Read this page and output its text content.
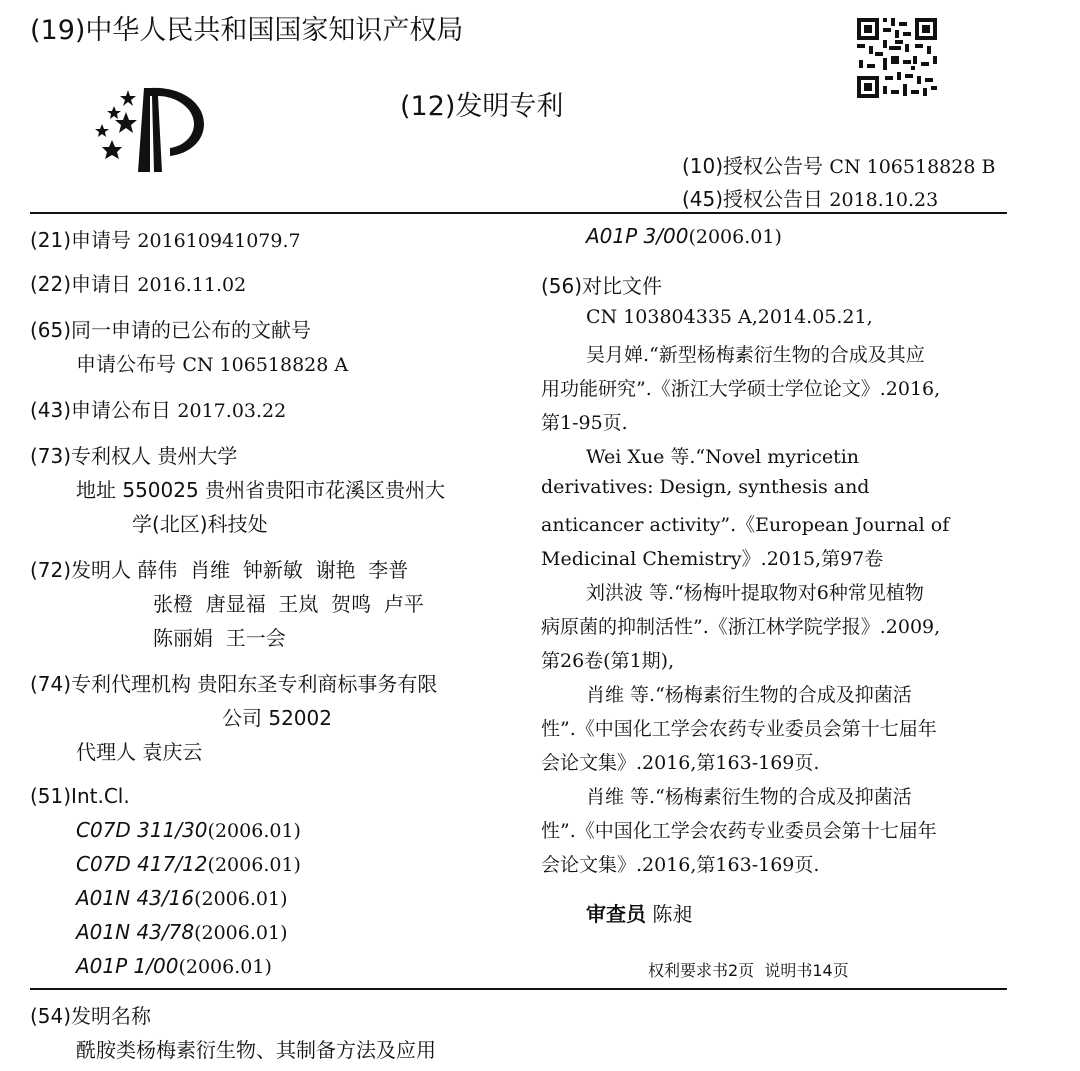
(19)中华人民共和国国家知识产权局
(12)发明专利
(10)授权公告号 CN 106518828 B
(45)授权公告日 2018.10.23
(21)申请号 201610941079.7
(22)申请日 2016.11.02
(65)同一申请的已公布的文献号
申请公布号 CN 106518828 A
(43)申请公布日 2017.03.22
(73)专利权人 贵州大学
地址 550025 贵州省贵阳市花溪区贵州大
学(北区)科技处
(72)发明人 薛伟  肖维  钟新敏  谢艳  李普
张橙  唐显福  王岚  贺鸣  卢平
陈丽娟  王一会
(74)专利代理机构 贵阳东圣专利商标事务有限
公司 52002
代理人 袁庆云
(51)Int.Cl.
C07D 311/30(2006.01)
C07D 417/12(2006.01)
A01N 43/16(2006.01)
A01N 43/78(2006.01)
A01P 1/00(2006.01)
A01P 3/00(2006.01)
(56)对比文件
CN 103804335 A,2014.05.21,
吴月婵.“新型杨梅素衍生物的合成及其应
用功能研究”.《浙江大学硕士学位论文》.2016,
第1-95页.
Wei Xue 等.“Novel myricetin
derivatives: Design, synthesis and
anticancer activity”.《European Journal of
Medicinal Chemistry》.2015,第97卷
刘洪波 等.“杨梅叶提取物对6种常见植物
病原菌的抑制活性”.《浙江林学院学报》.2009,
第26卷(第1期),
肖维 等.“杨梅素衍生物的合成及抑菌活
性”.《中国化工学会农药专业委员会第十七届年
会论文集》.2016,第163-169页.
肖维 等.“杨梅素衍生物的合成及抑菌活
性”.《中国化工学会农药专业委员会第十七届年
会论文集》.2016,第163-169页.
审查员 陈昶
权利要求书2页  说明书14页
(54)发明名称
酰胺类杨梅素衍生物、其制备方法及应用
